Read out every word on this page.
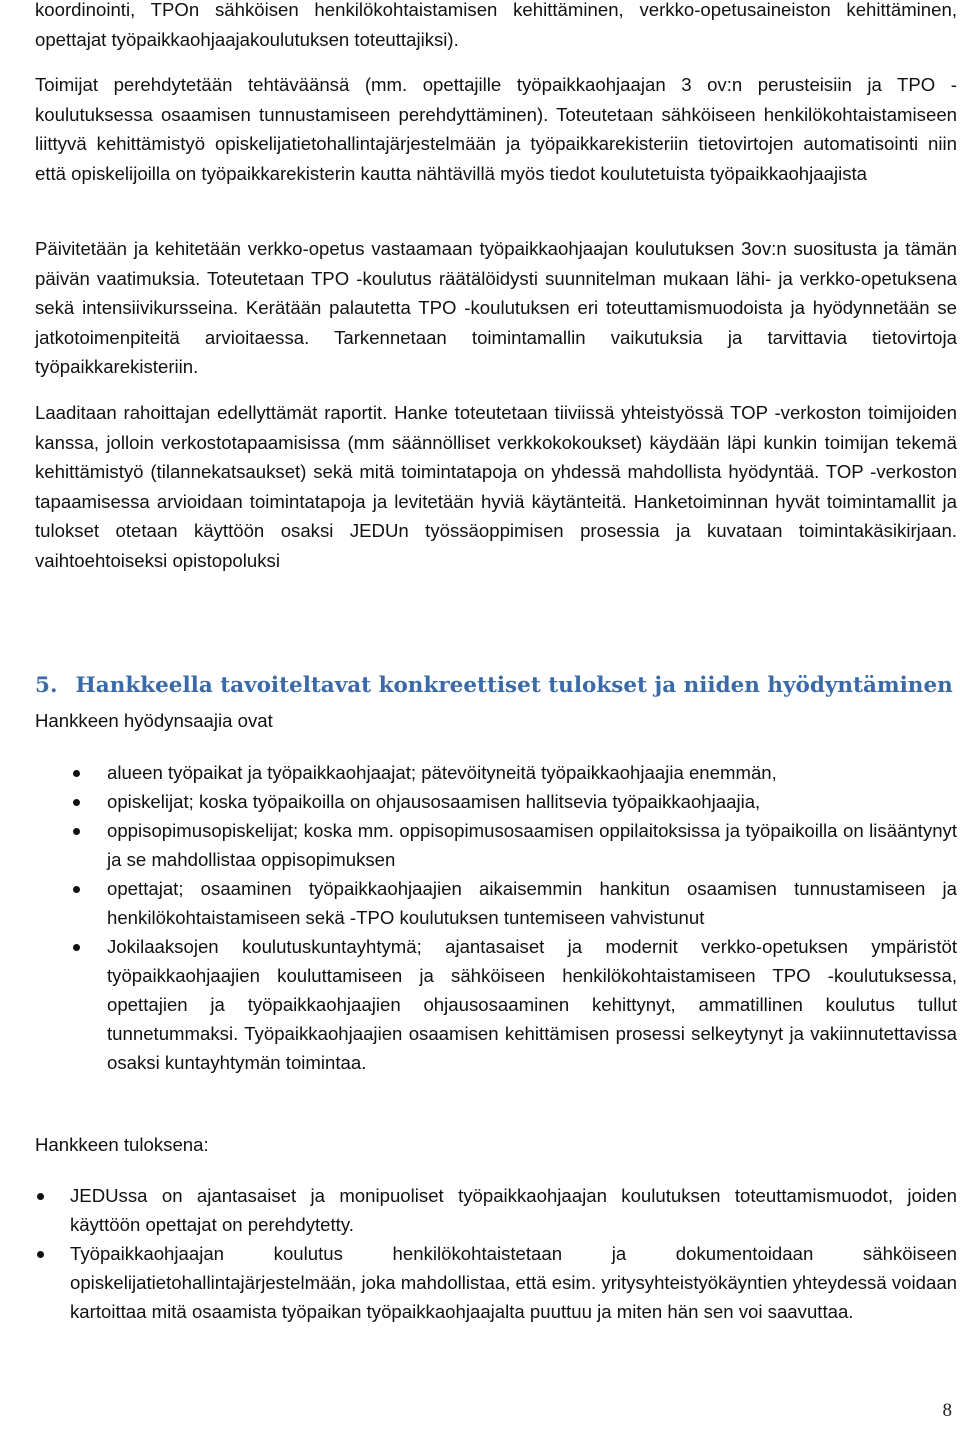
koordinointi, TPOn sähköisen henkilökohtaistamisen kehittäminen, verkko-opetusaineiston kehittäminen, opettajat työpaikkaohjaajakoulutuksen toteuttajiksi).

Toimijat perehdytetään tehtäväänsä (mm. opettajille työpaikkaohjaajan 3 ov:n perusteisiin ja TPO -koulutuksessa osaamisen tunnustamiseen perehdyttäminen). Toteutetaan sähköiseen henkilökohtaistamiseen liittyvä kehittämistyö opiskelijatietohallintajärjestelmään ja työpaikkarekisteriin tietovirtojen automatisointi niin että opiskelijoilla on työpaikkarekisterin kautta nähtävillä myös tiedot koulutetuista työpaikkaohjaajista

Päivitetään ja kehitetään verkko-opetus vastaamaan työpaikkaohjaajan koulutuksen 3ov:n suositusta ja tämän päivän vaatimuksia. Toteutetaan TPO -koulutus räätälöidysti suunnitelman mukaan lähi- ja verkko-opetuksena sekä intensiivikursseina. Kerätään palautetta TPO -koulutuksen eri toteuttamismuodoista ja hyödynnetään se jatkotoimenpiteitä arvioitaessa. Tarkennetaan toimintamallin vaikutuksia ja tarvittavia tietovirtoja työpaikkarekisteriin.

Laaditaan rahoittajan edellyttämät raportit. Hanke toteutetaan tiiviissä yhteistyössä TOP -verkoston toimijoiden kanssa, jolloin verkostotapaamisissa (mm säännölliset verkkokokoukset) käydään läpi kunkin toimijan tekemä kehittämistyö (tilannekatsaukset) sekä mitä toimintatapoja on yhdessä mahdollista hyödyntää. TOP -verkoston tapaamisessa arvioidaan toimintatapoja ja levitetään hyviä käytänteitä. Hanketoiminnan hyvät toimintamallit ja tulokset otetaan käyttöön osaksi JEDUn työssäoppimisen prosessia ja kuvataan toimintakäsikirjaan. vaihtoehtoiseksi opistopoluksi

5. Hankkeella tavoiteltavat konkreettiset tulokset ja niiden hyödyntäminen

Hankkeen hyödynsaajia ovat

alueen työpaikat ja työpaikkaohjaajat; pätevöityneitä työpaikkaohjaajia enemmän,
opiskelijat; koska työpaikoilla on ohjausosaamisen hallitsevia työpaikkaohjaajia,
oppisopimusopiskelijat; koska mm. oppisopimusosaamisen oppilaitoksissa ja työpaikoilla on lisääntynyt ja se mahdollistaa oppisopimuksen
opettajat; osaaminen työpaikkaohjaajien aikaisemmin hankitun osaamisen tunnustamiseen ja henkilökohtaistamiseen sekä -TPO koulutuksen tuntemiseen vahvistunut
Jokilaaksojen koulutuskuntayhtymä; ajantasaiset ja modernit verkko-opetuksen ympäristöt työpaikkaohjaajien kouluttamiseen ja sähköiseen henkilökohtaistamiseen TPO -koulutuksessa, opettajien ja työpaikkaohjaajien ohjausosaaminen kehittynyt, ammatillinen koulutus tullut tunnetummaksi. Työpaikkaohjaajien osaamisen kehittämisen prosessi selkeytynyt ja vakiinnutettavissa osaksi kuntayhtymän toimintaa.

Hankkeen tuloksena:

JEDUssa on ajantasaiset ja monipuoliset työpaikkaohjaajan koulutuksen toteuttamismuodot, joiden käyttöön opettajat on perehdytetty.
Työpaikkaohjaajan koulutus henkilökohtaistetaan ja dokumentoidaan sähköiseen opiskelijatietohallintajärjestelmään, joka mahdollistaa, että esim. yritysyhteistyökäyntien yhteydessä voidaan kartoittaa mitä osaamista työpaikan työpaikkaohjaajalta puuttuu ja miten hän sen voi saavuttaa.
8
